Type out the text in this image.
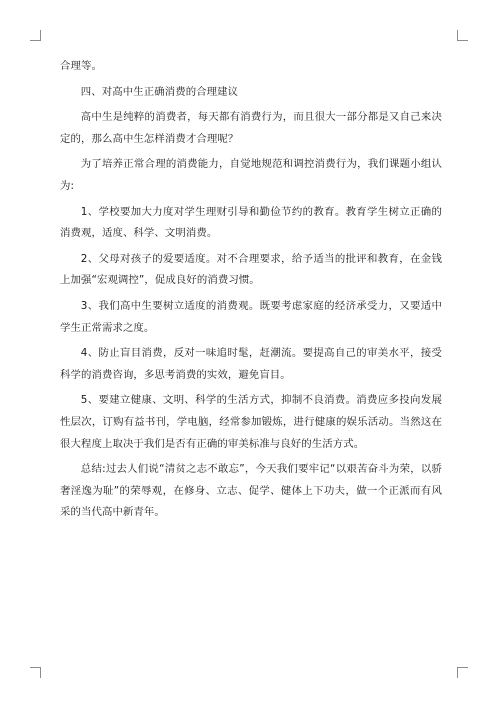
合理等。

四、对高中生正确消费的合理建议

高中生是纯粹的消费者，每天都有消费行为，而且很大一部分都是又自己来决定的，那么高中生怎样消费才合理呢？

为了培养正常合理的消费能力，自觉地规范和调控消费行为，我们课题小组认为:

1、学校要加大力度对学生理财引导和勤俭节约的教育。教育学生树立正确的消费观，适度、科学、文明消费。

2、父母对孩子的爱要适度。对不合理要求，给予适当的批评和教育，在金钱上加强“宏观调控”，促成良好的消费习惯。

3、我们高中生要树立适度的消费观。既要考虑家庭的经济承受力，又要适中学生正常需求之度。

4、防止盲目消费，反对一味追时髦，赶潮流。要提高自己的审美水平，接受科学的消费咨询，多思考消费的实效，避免盲目。

5、要建立健康、文明、科学的生活方式，抑制不良消费。消费应多投向发展性层次，订购有益书刊，学电脑，经常参加锻炼，进行健康的娱乐活动。当然这在很大程度上取决于我们是否有正确的审美标准与良好的生活方式。

总结:过去人们说“清贫之志不敢忘”，今天我们要牢记“以艰苦奋斗为荣，以骄奢淫逸为耻”的荣辱观，在修身、立志、促学、健体上下功夫，做一个正派而有风采的当代高中新青年。
